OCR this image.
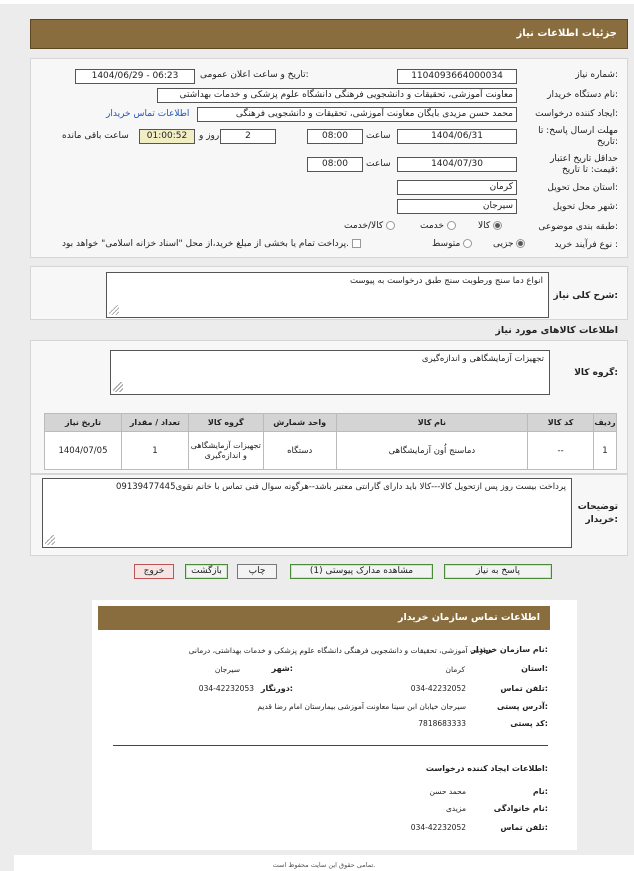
جزئیات اطلاعات نیاز
شماره نیاز:
1104093664000034
تاریخ و ساعت اعلان عمومی:
1404/06/29 - 06:23
نام دستگاه خریدار:
معاونت آموزشی، تحقیقات و دانشجویی فرهنگی دانشگاه علوم پزشکی و خدمات بهداشتی
ایجاد کننده درخواست:
محمد حسن مزیدی بایگان معاونت آموزشی، تحقیقات و دانشجویی فرهنگی
اطلاعات تماس خریدار
مهلت ارسال پاسخ: تا تاریخ:
1404/06/31
ساعت
08:00
2
روز و
01:00:52
ساعت باقی مانده
حداقل تاریخ اعتبار قیمت: تا تاریخ:
1404/07/30
ساعت
08:00
استان محل تحویل:
کرمان
شهر محل تحویل:
سیرجان
طبقه بندی موضوعی:
کالا
خدمت
کالا/خدمت
نوع فرآیند خرید :
جزیی
متوسط
پرداخت تمام یا بخشی از مبلغ خرید،از محل "اسناد خزانه اسلامی" خواهد بود.
شرح کلی نیاز:
انواع دما سنج ورطوبت سنج طبق درخواست به پیوست
اطلاعات کالاهای مورد نیاز
گروه کالا:
تجهیزات آزمایشگاهی و اندازه‌گیری
ردیف	کد کالا	نام کالا	واحد شمارش	گروه کالا	تعداد / مقدار	تاریخ نیاز
1	--	دماسنج اُون آزمایشگاهی	دستگاه	تجهیزات آزمایشگاهی و اندازه‌گیری	1	1404/07/05
توضیحات خریدار:
پرداخت بیست روز پس ازتحویل کالا---کالا باید دارای گارانتی معتبر باشد--هرگونه سوال فنی تماس با خانم نقوی09139477445
پاسخ به نیاز
مشاهده مدارک پیوستی (1)
چاپ
بازگشت
خروج
اطلاعات تماس سازمان خریدار
نام سازمان خریدار:
معاونت آموزشی، تحقیقات و دانشجویی فرهنگی دانشگاه علوم پزشکی و خدمات بهداشتی، درمانی
استان:
کرمان
شهر:
سیرجان
تلفن تماس:
034-42232052
دورنگار:
034-42232053
آدرس پستی:
سیرجان خیابان ابن سینا معاونت آموزشی بیمارستان امام رضا قدیم
کد پستی:
7818683333
اطلاعات ایجاد کننده درخواست:
نام:
محمد حسن
نام خانوادگی:
مزیدی
تلفن تماس:
034-42232052
تمامی حقوق این سایت محفوظ است.
